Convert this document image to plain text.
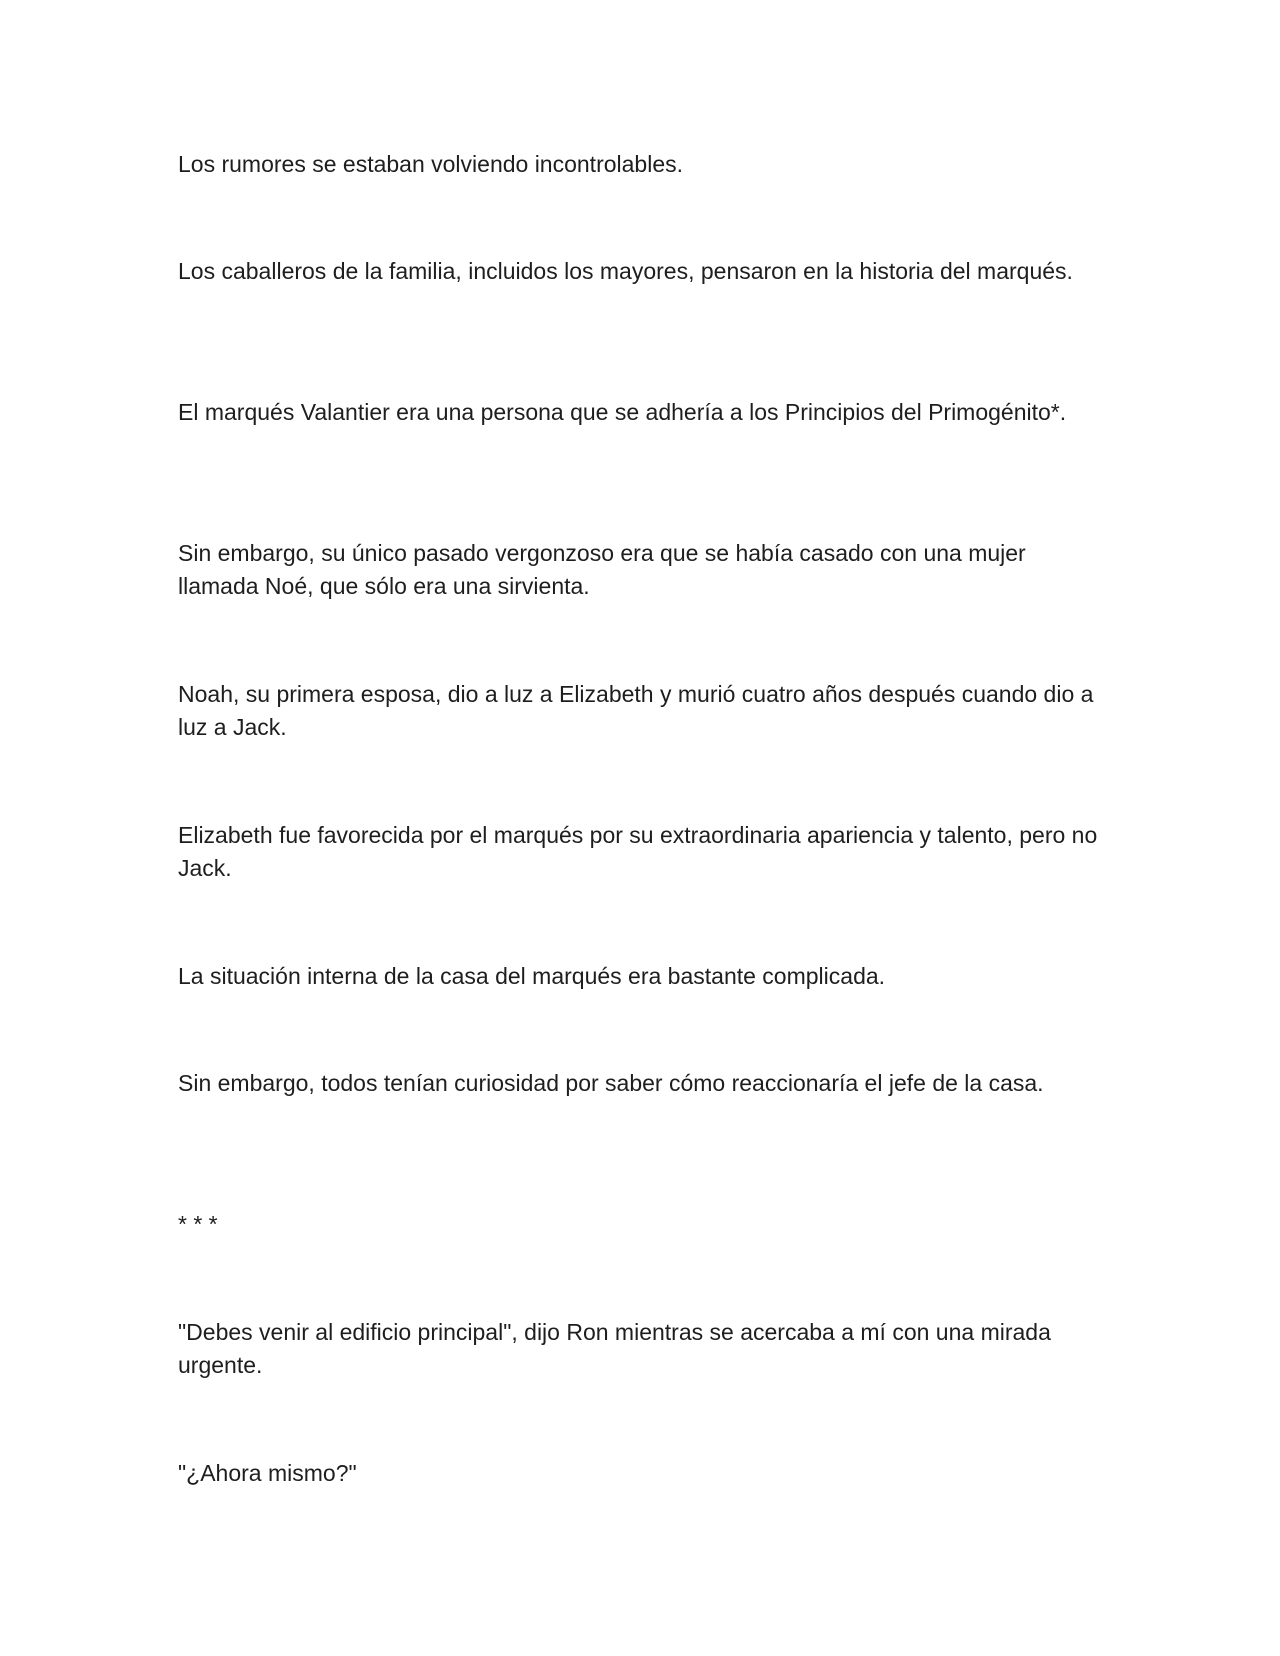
Los rumores se estaban volviendo incontrolables.

Los caballeros de la familia, incluidos los mayores, pensaron en la historia del marqués.

El marqués Valantier era una persona que se adhería a los Principios del Primogénito*.

Sin embargo, su único pasado vergonzoso era que se había casado con una mujer llamada Noé, que sólo era una sirvienta.

Noah, su primera esposa, dio a luz a Elizabeth y murió cuatro años después cuando dio a luz a Jack.

Elizabeth fue favorecida por el marqués por su extraordinaria apariencia y talento, pero no Jack.

La situación interna de la casa del marqués era bastante complicada.

Sin embargo, todos tenían curiosidad por saber cómo reaccionaría el jefe de la casa.

* * *

"Debes venir al edificio principal", dijo Ron mientras se acercaba a mí con una mirada urgente.

"¿Ahora mismo?"
